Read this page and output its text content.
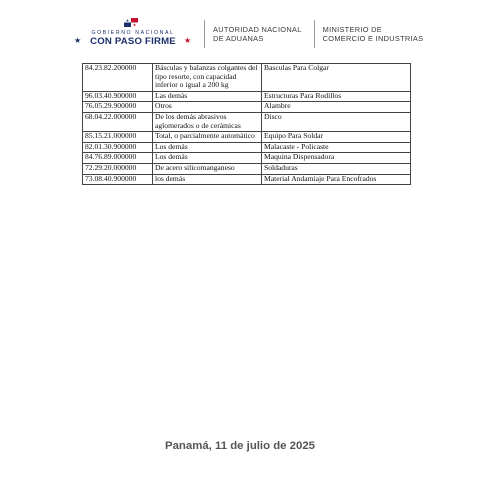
GOBIERNO NACIONAL
★ CON PASO FIRME	★
AUTORIDAD NACIONAL
DE ADUANAS
MINISTERIO DE
COMERCIO E INDUSTRIAS
84.23.82.200000	Básculas y balanzas colgantes del tipo resorte, con capacidad inferior o igual a 200 kg	Basculas Para Colgar
96.03.40.900000	Las demás	Estructuras Para Rodillos
76.05.29.900000	Otros	Alambre
68.04.22.000000	De los demás abrasivos aglomerados o de cerámicas	Disco
85.15.21.000000	Total, o parcialmente automático	Equipo Para Soldar
82.01.30.900000	Los demás	Malacaste - Policaste
84.76.89.000000	Los demás	Maquina Dispensadora
72.29.20.000000	De acero silicomanganeso	Soldaduras
73.08.40.900000	los demás	Material Andamiaje Para Encofrados
Panamá, 11 de julio de 2025
